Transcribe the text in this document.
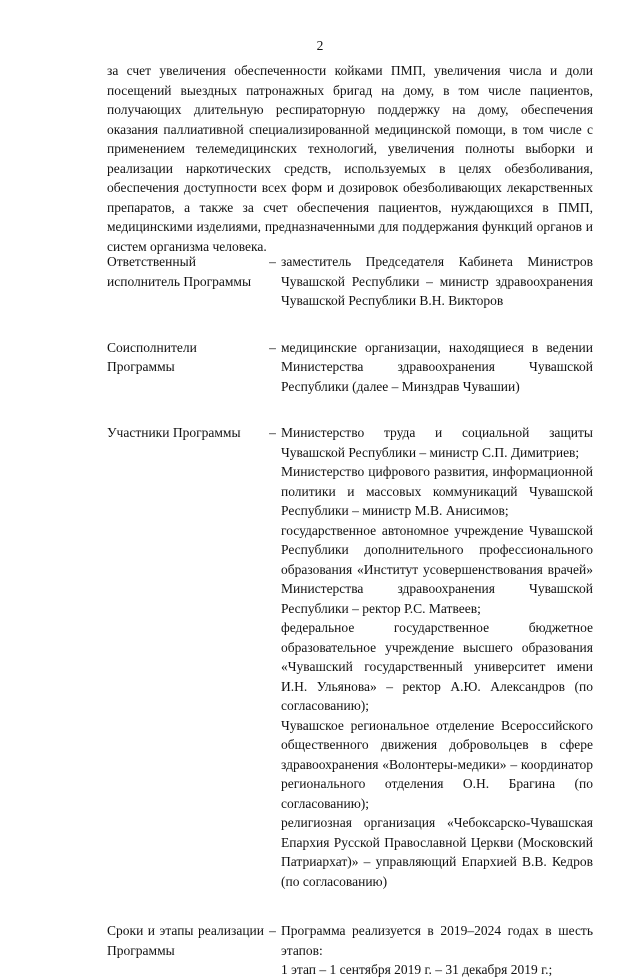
2

за счет увеличения обеспеченности койками ПМП, увеличения числа и доли посещений выездных патронажных бригад на дому, в том числе пациентов, получающих длительную респираторную поддержку на дому, обеспечения оказания паллиативной специализированной медицинской помощи, в том числе с применением телемедицинских технологий, увеличения полноты выборки и реализации наркотических средств, используемых в целях обезболивания, обеспечения доступности всех форм и дозировок обезболивающих лекарственных препаратов, а также за счет обеспечения пациентов, нуждающихся в ПМП, медицинскими изделиями, предназначенными для поддержания функций органов и систем организма человека.

Ответственный исполнитель Программы
– заместитель Председателя Кабинета Министров Чувашской Республики – министр здравоохранения Чувашской Республики В.Н. Викторов

Соисполнители Программы
– медицинские организации, находящиеся в ведении Министерства здравоохранения Чувашской Республики (далее – Минздрав Чувашии)

Участники Программы	– Министерство труда и социальной защиты Чувашской Республики – министр С.П. Димитриев;

Министерство цифрового развития, информационной политики и массовых коммуникаций Чувашской Республики – министр М.В. Анисимов;

государственное автономное учреждение Чувашской Республики дополнительного профессионального образования «Институт усовершенствования врачей» Министерства здравоохранения Чувашской Республики – ректор Р.С. Матвеев;

федеральное государственное бюджетное образовательное учреждение высшего образования «Чувашский государственный университет имени И.Н. Ульянова» – ректор А.Ю. Александров (по согласованию);

Чувашское региональное отделение Всероссийского общественного движения добровольцев в сфере здравоохранения «Волонтеры-медики» – координатор регионального отделения О.Н. Брагина (по согласованию);

религиозная организация «Чебоксарско-Чувашская Епархия Русской Православной Церкви (Московский Патриархат)» – управляющий Епархией В.В. Кедров (по согласованию)

Сроки и этапы реализации Программы
– Программа реализуется в 2019–2024 годах в шесть этапов:

1 этап – 1 сентября 2019 г. – 31 декабря 2019 г.;
